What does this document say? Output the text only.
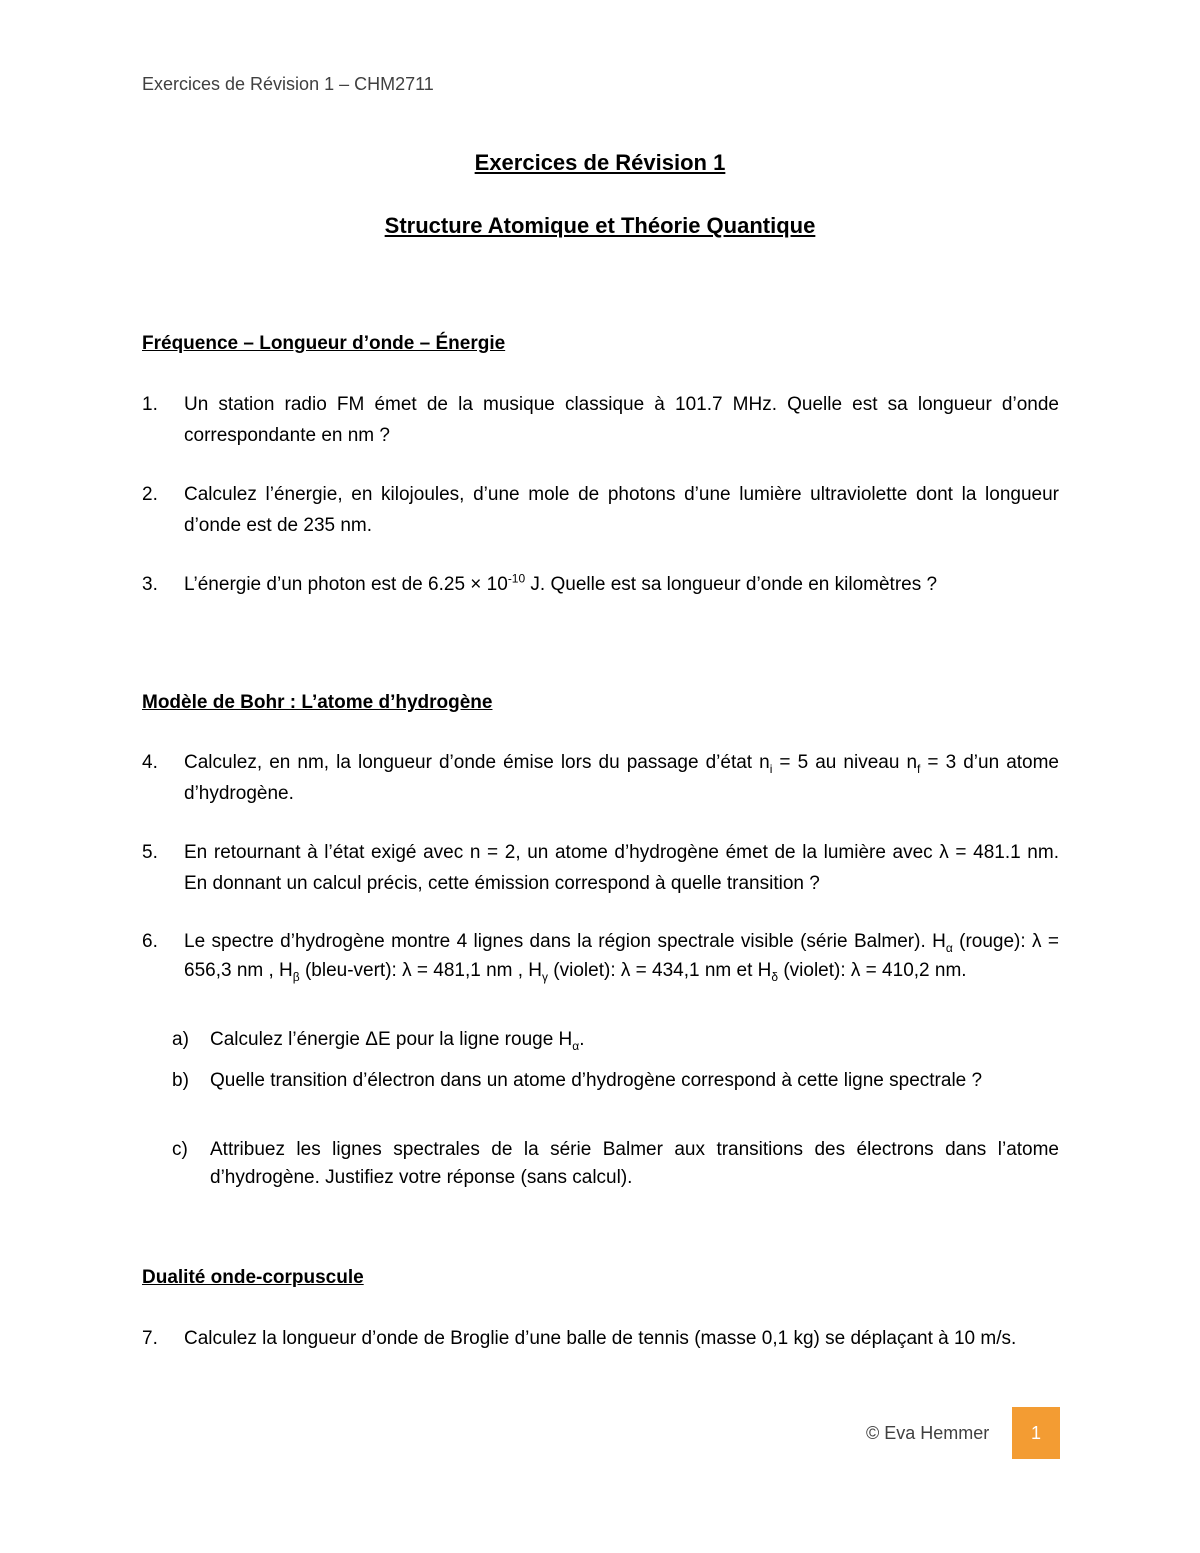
Exercices de Révision 1 – CHM2711
Exercices de Révision 1
Structure Atomique et Théorie Quantique
Fréquence – Longueur d’onde – Énergie
1.	Un station radio FM émet de la musique classique à 101.7 MHz. Quelle est sa longueur d’onde correspondante en nm ?
2.	Calculez l’énergie, en kilojoules, d’une mole de photons d’une lumière ultraviolette dont la longueur d’onde est de 235 nm.
3.	L’énergie d’un photon est de $6.25 \times 10^{-10}$ J. Quelle est sa longueur d’onde en kilomètres ?
Modèle de Bohr : L’atome d’hydrogène
4.	Calculez, en nm, la longueur d’onde émise lors du passage d’état $n_i = 5$ au niveau $n_f = 3$ d’un atome d’hydrogène.
5.	En retournant à l’état exigé avec n = 2, un atome d’hydrogène émet de la lumière avec λ = 481.1 nm. En donnant un calcul précis, cette émission correspond à quelle transition ?
6.	Le spectre d’hydrogène montre 4 lignes dans la région spectrale visible (série Balmer). $H_\alpha$ (rouge): λ = 656,3 nm , $H_\beta$ (bleu-vert): λ = 481,1 nm , $H_\gamma$ (violet): λ = 434,1 nm et $H_\delta$ (violet): λ = 410,2 nm.
a) Calculez l’énergie ΔE pour la ligne rouge $H_\alpha$.
b) Quelle transition d’électron dans un atome d’hydrogène correspond à cette ligne spectrale ?
c) Attribuez les lignes spectrales de la série Balmer aux transitions des électrons dans l’atome d’hydrogène. Justifiez votre réponse (sans calcul).
Dualité onde-corpuscule
7.	Calculez la longueur d’onde de Broglie d’une balle de tennis (masse 0,1 kg) se déplaçant à 10 m/s.
© Eva Hemmer 1
